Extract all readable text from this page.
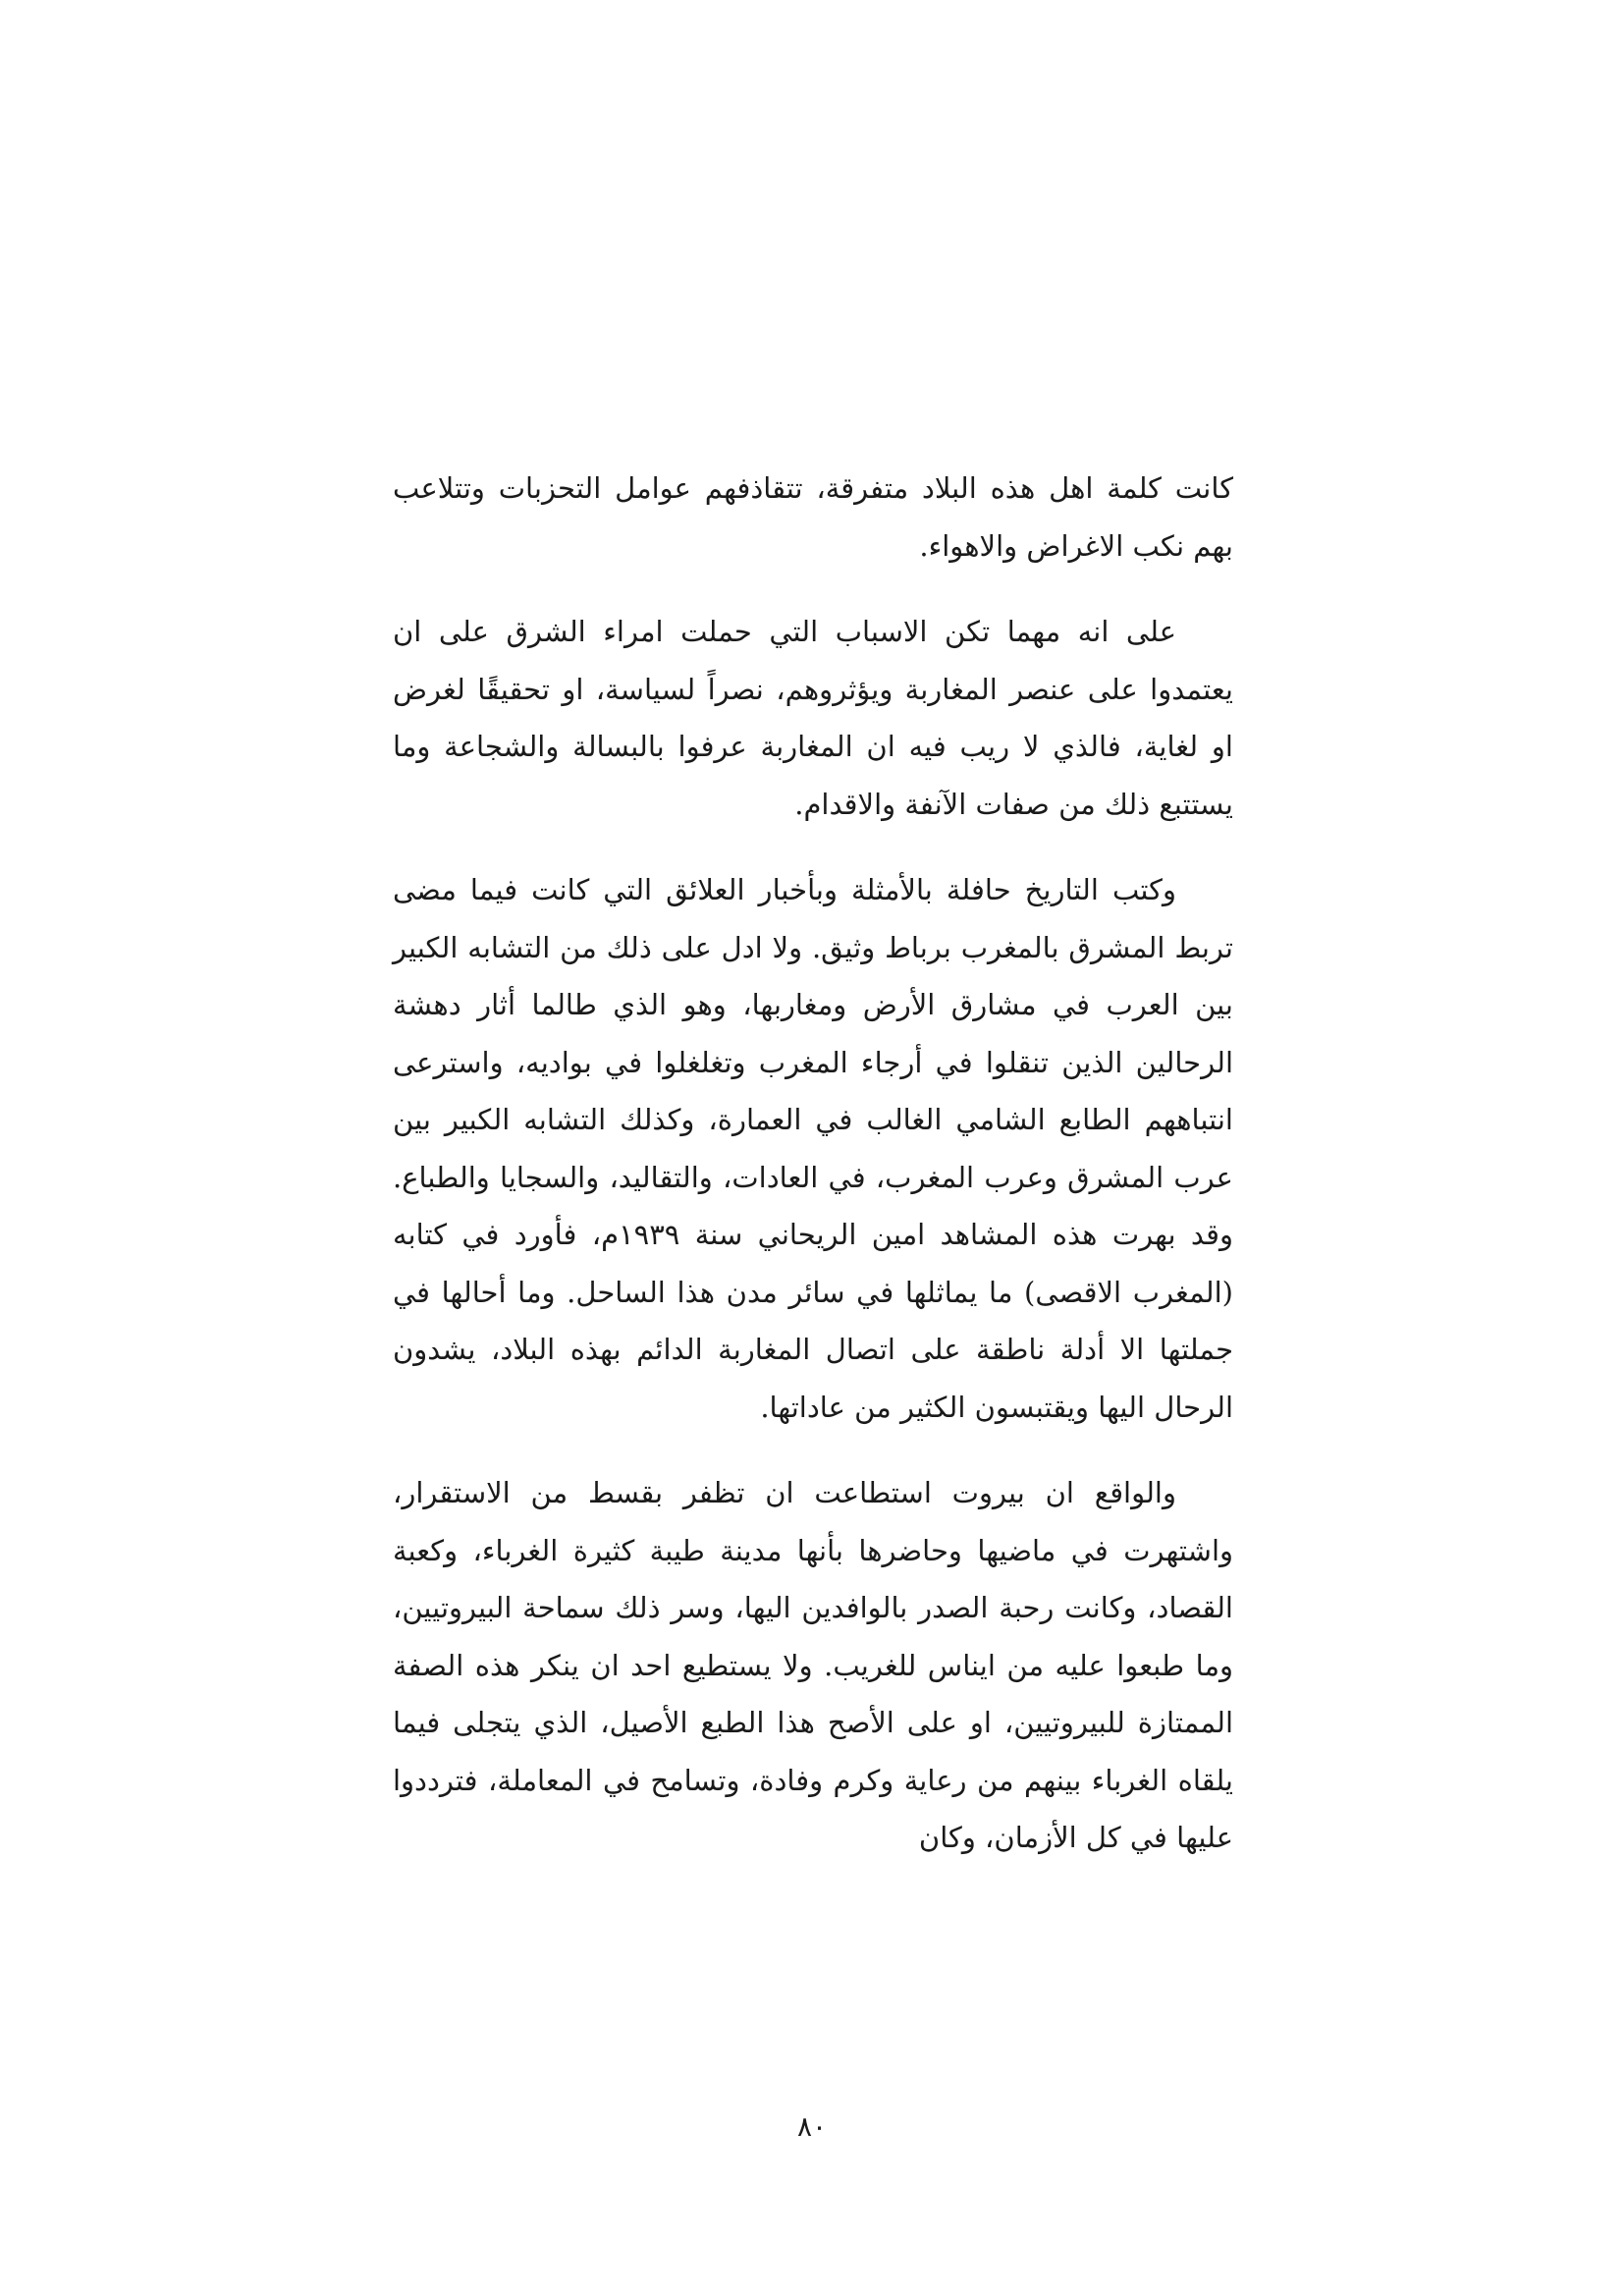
كانت كلمة اهل هذه البلاد متفرقة، تتقاذفهم عوامل التحزبات وتتلاعب بهم نكب الاغراض والاهواء.

على انه مهما تكن الاسباب التي حملت امراء الشرق على ان يعتمدوا على عنصر المغاربة ويؤثروهم، نصراً لسياسة، او تحقيقًا لغرض او لغاية، فالذي لا ريب فيه ان المغاربة عرفوا بالبسالة والشجاعة وما يستتبع ذلك من صفات الآنفة والاقدام.

وكتب التاريخ حافلة بالأمثلة وبأخبار العلائق التي كانت فيما مضى تربط المشرق بالمغرب برباط وثيق. ولا ادل على ذلك من التشابه الكبير بين العرب في مشارق الأرض ومغاربها، وهو الذي طالما أثار دهشة الرحالين الذين تنقلوا في أرجاء المغرب وتغلغلوا في بواديه، واسترعى انتباههم الطابع الشامي الغالب في العمارة، وكذلك التشابه الكبير بين عرب المشرق وعرب المغرب، في العادات، والتقاليد، والسجايا والطباع. وقد بهرت هذه المشاهد امين الريحاني سنة ١٩٣٩م، فأورد في كتابه (المغرب الاقصى) ما يماثلها في سائر مدن هذا الساحل. وما أحالها في جملتها الا أدلة ناطقة على اتصال المغاربة الدائم بهذه البلاد، يشدون الرحال اليها ويقتبسون الكثير من عاداتها.

والواقع ان بيروت استطاعت ان تظفر بقسط من الاستقرار، واشتهرت في ماضيها وحاضرها بأنها مدينة طيبة كثيرة الغرباء، وكعبة القصاد، وكانت رحبة الصدر بالوافدين اليها، وسر ذلك سماحة البيروتيين، وما طبعوا عليه من ايناس للغريب. ولا يستطيع احد ان ينكر هذه الصفة الممتازة للبيروتيين، او على الأصح هذا الطبع الأصيل، الذي يتجلى فيما يلقاه الغرباء بينهم من رعاية وكرم وفادة، وتسامح في المعاملة، فترددوا عليها في كل الأزمان، وكان

٨٠
